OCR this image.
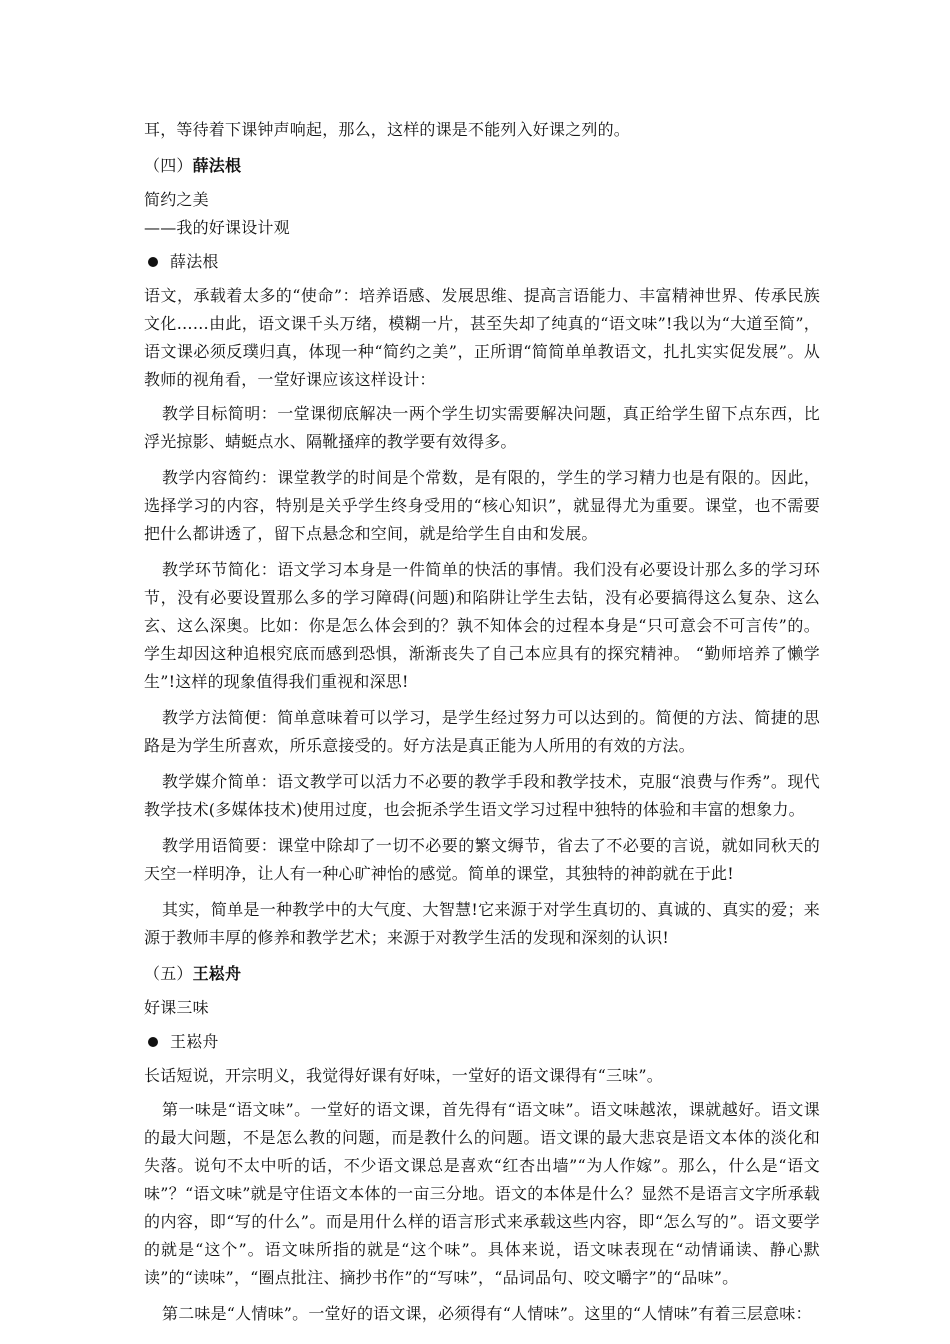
耳，等待着下课钟声响起，那么，这样的课是不能列入好课之列的。
（四）薛法根
简约之美
——我的好课设计观
薛法根
语文，承载着太多的“使命”：培养语感、发展思维、提高言语能力、丰富精神世界、传承民族文化……由此，语文课千头万绪，模糊一片，甚至失却了纯真的“语文味”!我以为“大道至简”，语文课必须反璞归真，体现一种“简约之美”，正所谓“简简单单教语文，扎扎实实促发展”。从教师的视角看，一堂好课应该这样设计：
教学目标简明：一堂课彻底解决一两个学生切实需要解决问题，真正给学生留下点东西，比浮光掠影、蜻蜓点水、隔靴搔痒的教学要有效得多。
教学内容简约：课堂教学的时间是个常数，是有限的，学生的学习精力也是有限的。因此，选择学习的内容，特别是关乎学生终身受用的“核心知识”，就显得尤为重要。课堂，也不需要把什么都讲透了，留下点悬念和空间，就是给学生自由和发展。
教学环节简化：语文学习本身是一件简单的快活的事情。我们没有必要设计那么多的学习环节，没有必要设置那么多的学习障碍(问题)和陷阱让学生去钻，没有必要搞得这么复杂、这么玄、这么深奥。比如：你是怎么体会到的？孰不知体会的过程本身是“只可意会不可言传”的。学生却因这种追根究底而感到恐惧，渐渐丧失了自己本应具有的探究精神。 “勤师培养了懒学生”!这样的现象值得我们重视和深思!
教学方法简便：简单意味着可以学习，是学生经过努力可以达到的。简便的方法、简捷的思路是为学生所喜欢，所乐意接受的。好方法是真正能为人所用的有效的方法。
教学媒介简单：语文教学可以活力不必要的教学手段和教学技术，克服“浪费与作秀”。现代教学技术(多媒体技术)使用过度，也会扼杀学生语文学习过程中独特的体验和丰富的想象力。
教学用语简要：课堂中除却了一切不必要的繁文缛节，省去了不必要的言说，就如同秋天的天空一样明净，让人有一种心旷神怡的感觉。简单的课堂，其独特的神韵就在于此!
其实，简单是一种教学中的大气度、大智慧!它来源于对学生真切的、真诚的、真实的爱；来源于教师丰厚的修养和教学艺术；来源于对教学生活的发现和深刻的认识!
（五）王崧舟
好课三味
王崧舟
长话短说，开宗明义，我觉得好课有好味，一堂好的语文课得有“三味”。
第一味是“语文味”。一堂好的语文课，首先得有“语文味”。语文味越浓，课就越好。语文课的最大问题，不是怎么教的问题，而是教什么的问题。语文课的最大悲哀是语文本体的淡化和失落。说句不太中听的话，不少语文课总是喜欢“红杏出墙”“为人作嫁”。那么，什么是“语文味”？“语文味”就是守住语文本体的一亩三分地。语文的本体是什么？显然不是语言文字所承载的内容，即“写的什么”。而是用什么样的语言形式来承载这些内容，即“怎么写的”。语文要学的就是“这个”。语文味所指的就是“这个味”。具体来说，语文味表现在“动情诵读、静心默读”的“读味”，“圈点批注、摘抄书作”的“写味”，“品词品句、咬文嚼字”的“品味”。
第二味是“人情味”。一堂好的语文课，必须得有“人情味”。这里的“人情味”有着三层意味：
